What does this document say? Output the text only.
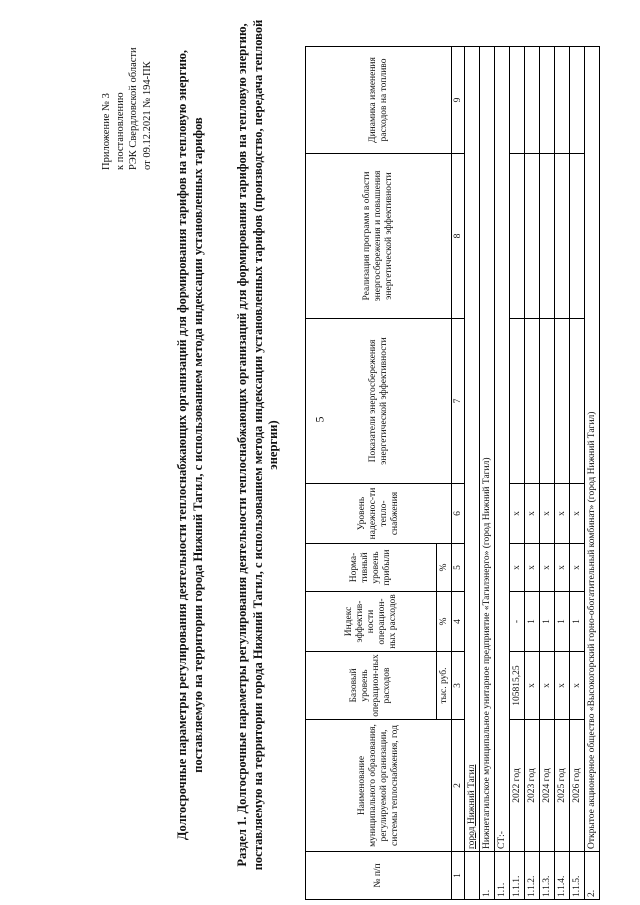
5
Приложение № 3 к постановлению РЭК Свердловской области от 09.12.2021 № 194-ПК Долгосрочные параметры регулирования деятельности теплоснабжающих организаций для формирования тарифов на тепловую энергию, поставляемую на территории города Нижний Тагил, с использованием метода индексации установленных тарифов Раздел 1. Долгосрочные параметры регулирования деятельности теплоснабжающих организаций для формирования тарифов на тепловую энергию, поставляемую на территории города Нижний Тагил, с использованием метода индексации установленных тарифов (производство, передача тепловой энергии)
№ п/п	Наименование муниципального образования, регулируемой организации, системы теплоснабжения, год	Базовый уровень операцион-ных расходов	Индекс эффектив-ности операцион-ных расходов	Норма-тивный уровень прибыли	Уровень надежнос-ти тепло-снабжения	Показатели энергосбережения энергетической эффективности	Реализация программ в области энергосбережения и повышения энергетической эффективности	Динамика изменения расходов на топливо
		тыс. руб.	%	%				
1	2	3	4	5	6	7	8	9
	город Нижний Тагил							
1.	Нижнетагильское муниципальное унитарное предприятие «Тагилэнерго» (город Нижний Тагил)							
1.1.	СТ:-							
1.1.1.	2022 год	105815,25	-	x	x			
1.1.2.	2023 год	x	1	x	x			
1.1.3.	2024 год	x	1	x	x			
1.1.4.	2025 год	x	1	x	x			
1.1.5.	2026 год	x	1	x	x			
2.	Открытое акционерное общество «Высокогорский горно-обогатительный комбинат» (город Нижний Тагил)							
